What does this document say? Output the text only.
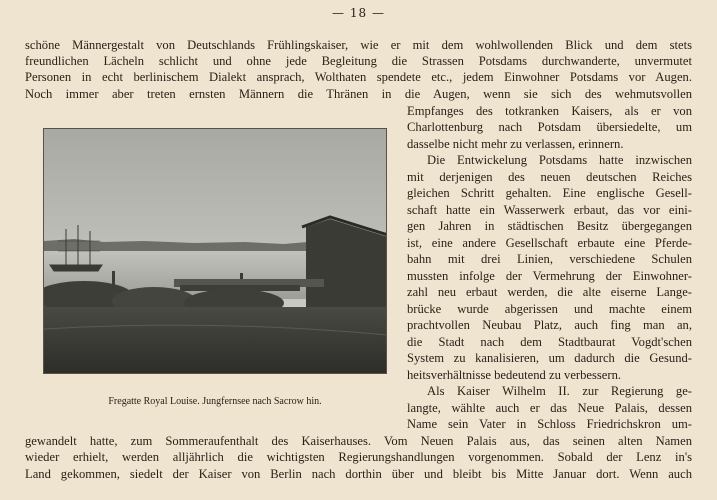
— 18 —
schöne Männergestalt von Deutschlands Frühlingskaiser, wie er mit dem wohlwollenden Blick und dem stets
freundlichen Lächeln schlicht und ohne jede Begleitung die Strassen Potsdams durchwanderte, unvermutet
Personen in echt berlinischem Dialekt ansprach, Wolthaten spendete etc., jedem Einwohner Potsdams vor Augen.
Noch immer aber treten ernsten Männern die Thränen in die Augen, wenn sie sich des wehmutsvollen
Empfanges des totkranken Kaisers, als er von
Charlottenburg nach Potsdam übersiedelte, um
dasselbe nicht mehr zu verlassen, erinnern.
Die Entwickelung Potsdams hatte inzwischen
mit derjenigen des neuen deutschen Reiches
gleichen Schritt gehalten. Eine englische Gesell-
schaft hatte ein Wasserwerk erbaut, das vor eini-
gen Jahren in städtischen Besitz übergegangen
ist, eine andere Gesellschaft erbaute eine Pferde-
bahn mit drei Linien, verschiedene Schulen
mussten infolge der Vermehrung der Einwohner-
zahl neu erbaut werden, die alte eiserne Lange-
brücke wurde abgerissen und machte einem
prachtvollen Neubau Platz, auch fing man an,
die Stadt nach dem Stadtbaurat Vogdt'schen
System zu kanalisieren, um dadurch die Gesund-
heitsverhältnisse bedeutend zu verbessern.
Als Kaiser Wilhelm II. zur Regierung ge-
langte, wählte auch er das Neue Palais, dessen
Name sein Vater in Schloss Friedrichskron um-
gewandelt hatte, zum Sommeraufenthalt des Kaiserhauses. Vom Neuen Palais aus, das seinen alten Namen
wieder erhielt, werden alljährlich die wichtigsten Regierungshandlungen vorgenommen. Sobald der Lenz in's
Land gekommen, siedelt der Kaiser von Berlin nach dorthin über und bleibt bis Mitte Januar dort. Wenn auch
Fregatte Royal Louise. Jungfernsee nach Sacrow hin.
